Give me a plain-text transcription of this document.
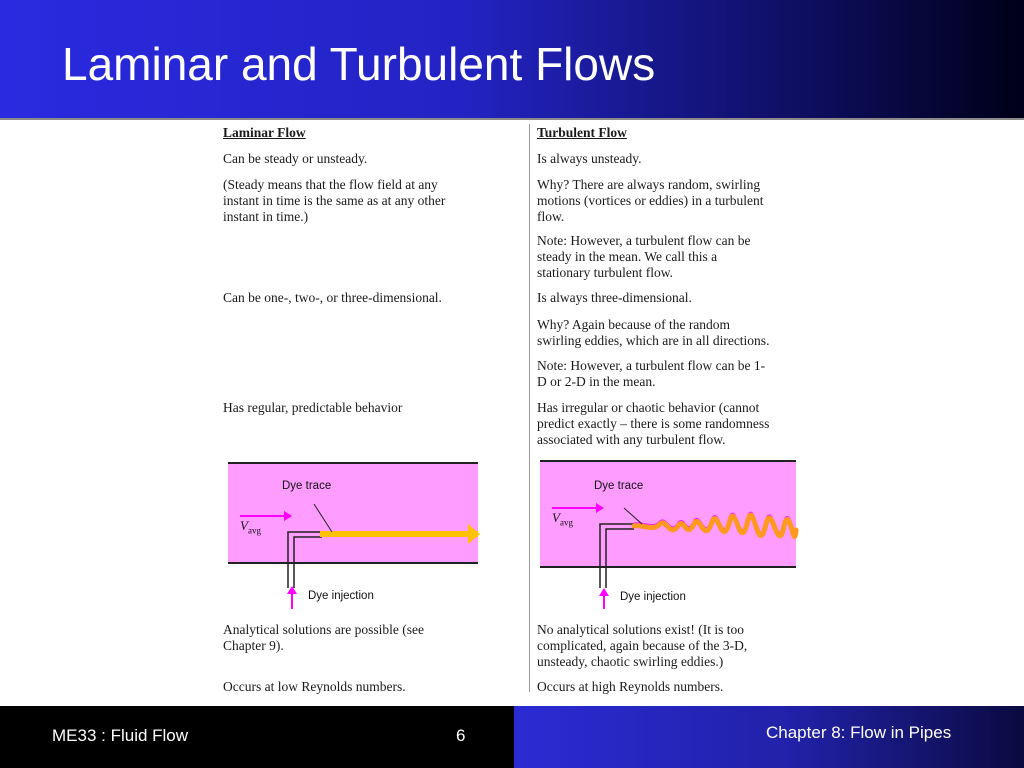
Laminar and Turbulent Flows
Laminar Flow
Can be steady or unsteady.
(Steady means that the flow field at any
instant in time is the same as at any other
instant in time.)
Can be one-, two-, or three-dimensional.
Has regular, predictable behavior
Analytical solutions are possible (see
Chapter 9).
Occurs at low Reynolds numbers.
Turbulent Flow
Is always unsteady.
Why? There are always random, swirling
motions (vortices or eddies) in a turbulent
flow.
Note: However, a turbulent flow can be
steady in the mean. We call this a
stationary turbulent flow.
Is always three-dimensional.
Why? Again because of the random
swirling eddies, which are in all directions.
Note: However, a turbulent flow can be 1-
D or 2-D in the mean.
Has irregular or chaotic behavior (cannot
predict exactly – there is some randomness
associated with any turbulent flow.
No analytical solutions exist! (It is too
complicated, again because of the 3-D,
unsteady, chaotic swirling eddies.)
Occurs at high Reynolds numbers.
Dye trace
$V_{avg}$
Dye injection
Dye trace
$V_{avg}$
Dye injection
ME33 : Fluid Flow	6	Chapter 8: Flow in Pipes
